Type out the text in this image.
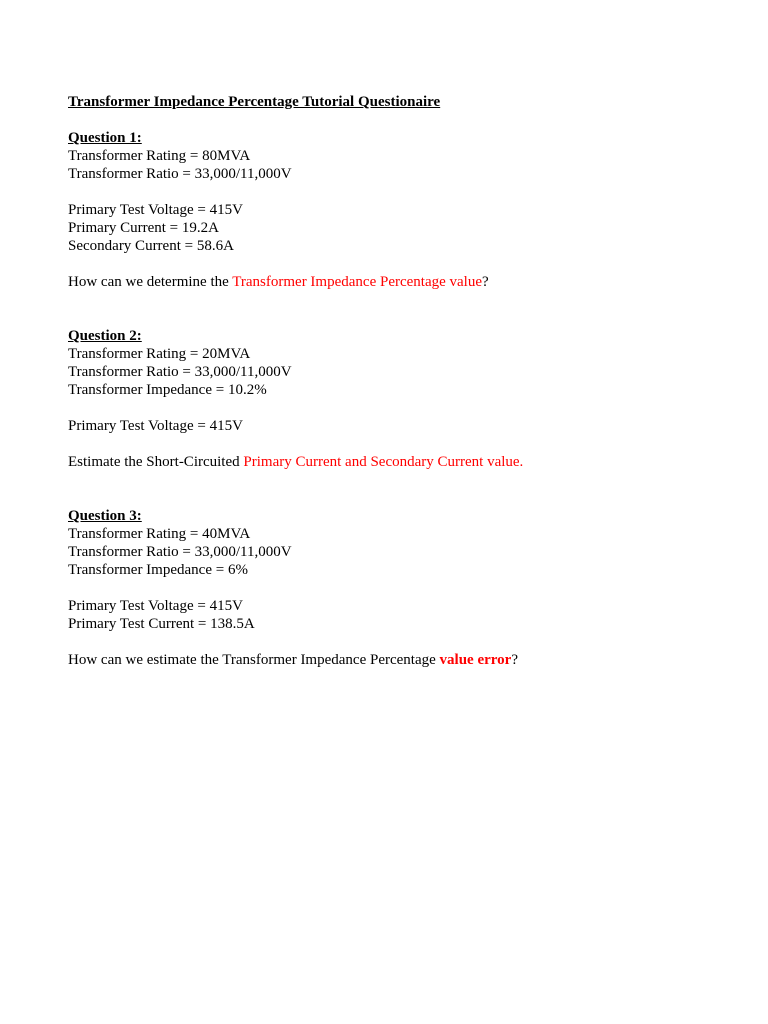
Transformer Impedance Percentage Tutorial Questionaire
Question 1:
Transformer Rating = 80MVA
Transformer Ratio = 33,000/11,000V
Primary Test Voltage = 415V
Primary Current = 19.2A
Secondary Current = 58.6A
How can we determine the Transformer Impedance Percentage value?
Question 2:
Transformer Rating = 20MVA
Transformer Ratio = 33,000/11,000V
Transformer Impedance = 10.2%
Primary Test Voltage = 415V
Estimate the Short-Circuited Primary Current and Secondary Current value.
Question 3:
Transformer Rating = 40MVA
Transformer Ratio = 33,000/11,000V
Transformer Impedance = 6%
Primary Test Voltage = 415V
Primary Test Current = 138.5A
How can we estimate the Transformer Impedance Percentage value error?
